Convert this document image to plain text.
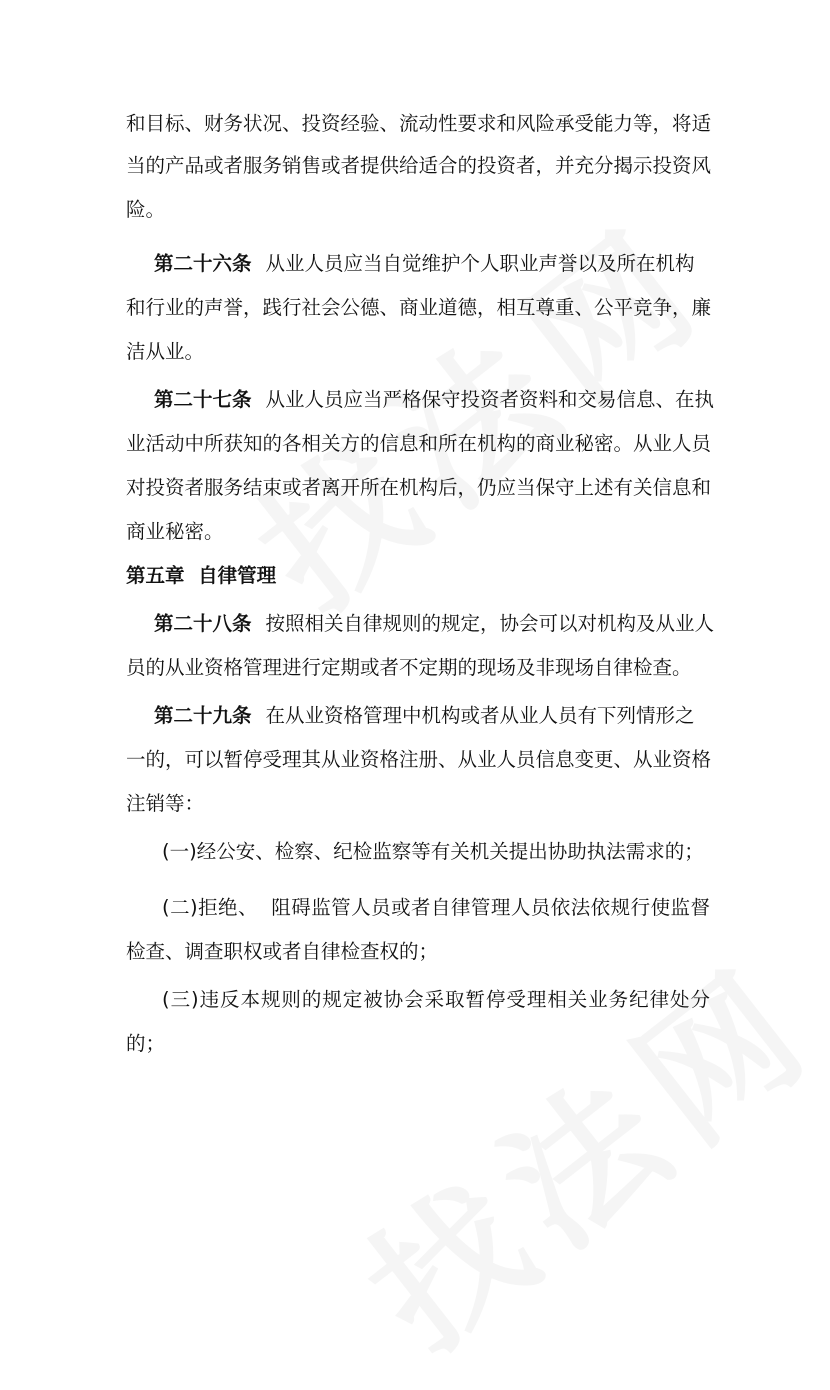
和目标、财务状况、投资经验、流动性要求和风险承受能力等，将适
当的产品或者服务销售或者提供给适合的投资者，并充分揭示投资风
险。
第二十六条 从业人员应当自觉维护个人职业声誉以及所在机构
和行业的声誉，践行社会公德、商业道德，相互尊重、公平竞争，廉
洁从业。
第二十七条 从业人员应当严格保守投资者资料和交易信息、在执
业活动中所获知的各相关方的信息和所在机构的商业秘密。从业人员
对投资者服务结束或者离开所在机构后，仍应当保守上述有关信息和
商业秘密。
第五章  自律管理
第二十八条 按照相关自律规则的规定，协会可以对机构及从业人
员的从业资格管理进行定期或者不定期的现场及非现场自律检查。
第二十九条 在从业资格管理中机构或者从业人员有下列情形之
一的，可以暂停受理其从业资格注册、从业人员信息变更、从业资格
注销等：
(一)经公安、检察、纪检监察等有关机关提出协助执法需求的；
(二)拒绝、  阻碍监管人员或者自律管理人员依法依规行使监督
检查、调查职权或者自律检查权的；
(三)违反本规则的规定被协会采取暂停受理相关业务纪律处分
的；
